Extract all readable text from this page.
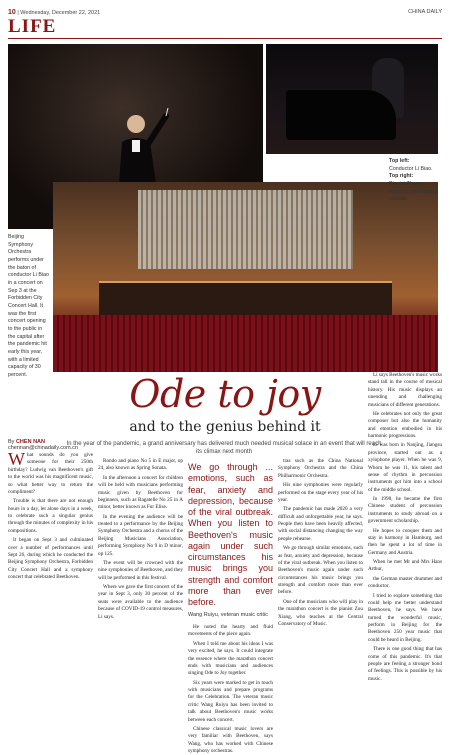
10 | Wednesday, December 22, 2021	CHINA DAILY
LIFE
Beijing Symphony Orchestra performs under the baton of conductor Li Biao in a concert on Sep 3 at the Forbidden City Concert Hall. It was the first concert opening to the public in the capital after the pandemic hit early this year, with a limited capacity of 30 percent.
Top left:
Conductor Li Biao.
Top right:
Pianist Zhang Haochen performs in concert.
Ode to joy
and to the genius behind it
In the year of the pandemic, a grand anniversary has delivered much needed musical solace in an event that will reach its climax next month
By CHEN NAN
chennan@chinadaily.com.cn

What sounds do you give someone for their 250th birthday? Ludwig van Beethoven's gift to the world was his magnificent music, so what better way to return the compliment?

Trouble is that there are not enough hours in a day, let alone days in a week, to celebrate such a singular genius through the minutes of complexity in his compositions.

It began on Sept 3 and culminated over a number of performances until Sept 26, during which he conducted the Beijing Symphony Orchestra, Forbidden City Concert Hall and a symphony concert that celebrated Beethoven.

Rondo and piano No 5 in E major, op 24, also known as Spring Sonata.

In the afternoon a concert for children will be held with musicians performing music given by Beethoven for beginners, such as Bagatelle No 25 in A minor, better known as Fur Elise.

In the evening the audience will be treated to a performance by the Beijing Symphony Orchestra and a chorus of the Beijing Musicians Association, performing Symphony No 9 in D minor, op 125.

The event will be crowned with the nine symphonies of Beethoven, and they will be performed in this festival.

Where we gave the first concert of the year in Sept 3, only 30 percent of the seats were available to the audience because of COVID-19 control measures, Li says.

We go through ... emotions, such as fear, anxiety and depression, because of the viral outbreak. When you listen to Beethoven's music again under such circumstances his music brings you strength and comfort more than ever before.
Wang Ruiyu, veteran music critic

He noted the hearty and fluid movements of the piece again.

When I told me about his ideas I was very excited, he says. It could integrate the essence where the marathon concert ends with musicians and audiences singing Ode to Joy together.

Six years were marked to get in touch with musicians and prepare programs for the Celebration. The veteran music critic Wang Ruiyu has been invited to talk about Beethoven's music works between each concert.

Chinese classical music lovers are very familiar with Beethoven, says Wang, who has worked with Chinese symphony orchestras.

tras such as the China National Symphony Orchestra and the China Philharmonic Orchestra.

His nine symphonies were regularly performed on the stage every year of his year.

The pandemic has made 2020 a very difficult and unforgettable year, he says. People then have been heavily affected, with social distancing changing the way people rehearse.

We go through similar emotions, such as fear, anxiety and depression, because of the viral outbreak. When you listen to Beethoven's music again under such circumstances his music brings you strength and comfort more than ever before.

One of the musicians who will play in the marathon concert is the pianist Zou Xiang, who teaches at the Central Conservatory of Music.

Li says Beethoven's music works stand tall in the course of musical history. His music displays an unending and challenging musicians of different generations.

He celebrates not only the great composer but also the humanity and emotion embodied in his harmonic progressions.

Li was born in Nanjing, Jiangsu province, started out as a xylophone player. When he was 9, Whom he was 11, his talent and sense of rhythm in percussion instruments got him into a school of the middle school.

In 1998, he became the first Chinese student of percussion instruments to study abroad on a government scholarship.

He hopes to conquer them and stay in harmony in Hamburg, and then he spent a lot of time in Germany and Austria.

When he met Mr and Mrs Hans Arthur,

the German master drummer and conductor.

I tried to explore something that could help me better understand Beethoven, he says. We have turned the wonderful music, perform in Beijing for the Beethoven 250 year music that could be heard in Beijing.

There is one good thing that has come of this pandemic. It's that people are feeling a stronger bond of feelings. This is possible by his music.
